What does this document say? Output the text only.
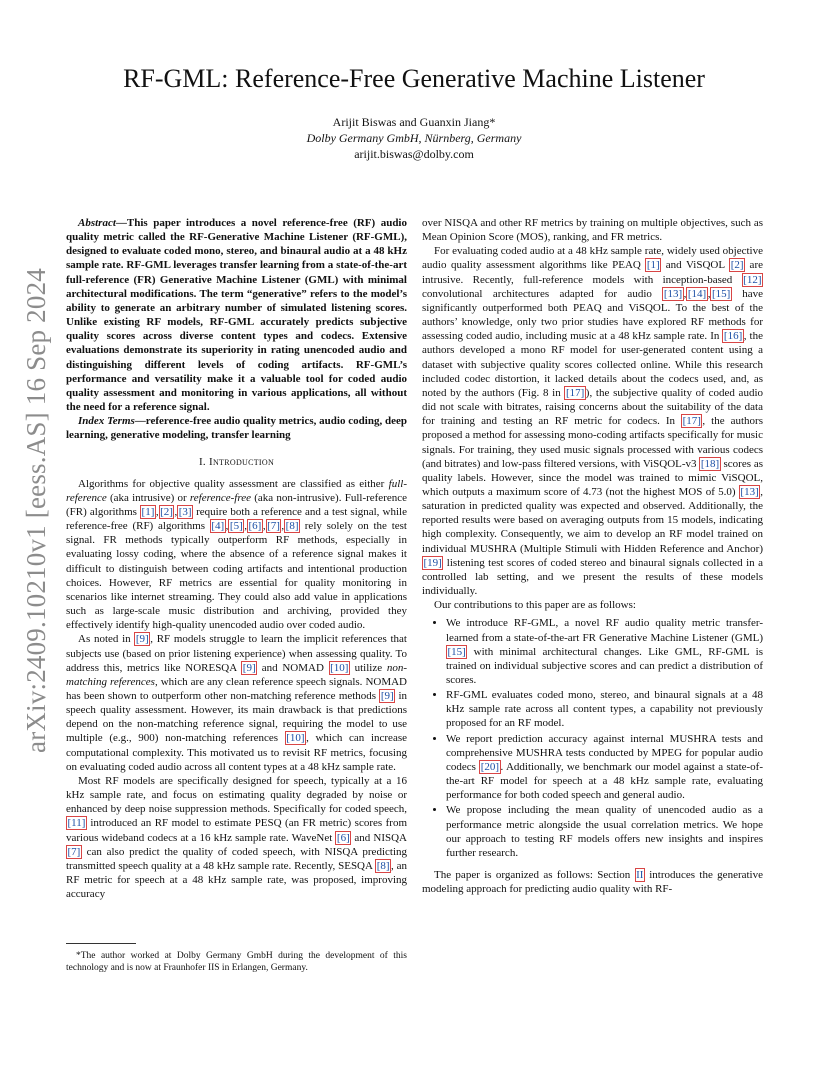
arXiv:2409.10210v1 [eess.AS] 16 Sep 2024
RF-GML: Reference-Free Generative Machine Listener
Arijit Biswas and Guanxin Jiang*
Dolby Germany GmbH, Nürnberg, Germany
arijit.biswas@dolby.com

Abstract—This paper introduces a novel reference-free (RF) audio quality metric called the RF-Generative Machine Listener (RF-GML), designed to evaluate coded mono, stereo, and binaural audio at a 48 kHz sample rate. RF-GML leverages transfer learning from a state-of-the-art full-reference (FR) Generative Machine Listener (GML) with minimal architectural modifications. The term “generative” refers to the model’s ability to generate an arbitrary number of simulated listening scores. Unlike existing RF models, RF-GML accurately predicts subjective quality scores across diverse content types and codecs. Extensive evaluations demonstrate its superiority in rating unencoded audio and distinguishing different levels of coding artifacts. RF-GML’s performance and versatility make it a valuable tool for coded audio quality assessment and monitoring in various applications, all without the need for a reference signal.

Index Terms—reference-free audio quality metrics, audio coding, deep learning, generative modeling, transfer learning

I. Introduction

Algorithms for objective quality assessment are classified as either full-reference (aka intrusive) or reference-free (aka non-intrusive). Full-reference (FR) algorithms [1] , [2] , [3] require both a reference and a test signal, while reference-free (RF) algorithms [4] , [5] , [6] , [7] , [8] rely solely on the test signal. FR methods typically outperform RF methods, especially in evaluating lossy coding, where the absence of a reference signal makes it difficult to distinguish between coding artifacts and intentional production choices. However, RF metrics are essential for quality monitoring in scenarios like internet streaming. They could also add value in applications such as large-scale music distribution and archiving, provided they effectively identify high-quality unencoded audio over coded audio.

As noted in [9] , RF models struggle to learn the implicit references that subjects use (based on prior listening experience) when assessing quality. To address this, metrics like NORESQA [9] and NOMAD [10] utilize non-matching references, which are any clean reference speech signals. NOMAD has been shown to outperform other non-matching reference methods [9] in speech quality assessment. However, its main drawback is that predictions depend on the non-matching reference signal, requiring the model to use multiple (e.g., 900) non-matching references [10] , which can increase computational complexity. This motivated us to revisit RF metrics, focusing on evaluating coded audio across all content types at a 48 kHz sample rate.

Most RF models are specifically designed for speech, typically at a 16 kHz sample rate, and focus on estimating quality degraded by noise or enhanced by deep noise suppression methods. Specifically for coded speech, [11] introduced an RF model to estimate PESQ (an FR metric) scores from various wideband codecs at a 16 kHz sample rate. WaveNet [6] and NISQA [7] can also predict the quality of coded speech, with NISQA predicting transmitted speech quality at a 48 kHz sample rate. Recently, SESQA [8] , an RF metric for speech at a 48 kHz sample rate, was proposed, improving accuracy

*The author worked at Dolby Germany GmbH during the development of this technology and is now at Fraunhofer IIS in Erlangen, Germany.

over NISQA and other RF metrics by training on multiple objectives, such as Mean Opinion Score (MOS), ranking, and FR metrics.

For evaluating coded audio at a 48 kHz sample rate, widely used objective audio quality assessment algorithms like PEAQ [1] and ViSQOL [2] are intrusive. Recently, full-reference models with inception-based [12] convolutional architectures adapted for audio [13] , [14] , [15] have significantly outperformed both PEAQ and ViSQOL. To the best of the authors’ knowledge, only two prior studies have explored RF methods for assessing coded audio, including music at a 48 kHz sample rate. In [16] , the authors developed a mono RF model for user-generated content using a dataset with subjective quality scores collected online. While this research included codec distortion, it lacked details about the codecs used, and, as noted by the authors (Fig. 8 in [17] ), the subjective quality of coded audio did not scale with bitrates, raising concerns about the suitability of the data for training and testing an RF metric for codecs. In [17] , the authors proposed a method for assessing mono-coding artifacts specifically for music signals. For training, they used music signals processed with various codecs (and bitrates) and low-pass filtered versions, with ViSQOL-v3 [18] scores as quality labels. However, since the model was trained to mimic ViSQOL, which outputs a maximum score of 4.73 (not the highest MOS of 5.0) [13] , saturation in predicted quality was expected and observed. Additionally, the reported results were based on averaging outputs from 15 models, indicating high complexity. Consequently, we aim to develop an RF model trained on individual MUSHRA (Multiple Stimuli with Hidden Reference and Anchor) [19] listening test scores of coded stereo and binaural signals collected in a controlled lab setting, and we present the results of these models individually.

Our contributions to this paper are as follows:

• We introduce RF-GML, a novel RF audio quality metric transfer-learned from a state-of-the-art FR Generative Machine Listener (GML) [15] with minimal architectural changes. Like GML, RF-GML is trained on individual subjective scores and can predict a distribution of scores.
• RF-GML evaluates coded mono, stereo, and binaural signals at a 48 kHz sample rate across all content types, a capability not previously proposed for an RF model.
• We report prediction accuracy against internal MUSHRA tests and comprehensive MUSHRA tests conducted by MPEG for popular audio codecs [20] . Additionally, we benchmark our model against a state-of-the-art RF model for speech at a 48 kHz sample rate, evaluating performance for both coded speech and general audio.
• We propose including the mean quality of unencoded audio as a performance metric alongside the usual correlation metrics. We hope our approach to testing RF models offers new insights and inspires further research.

The paper is organized as follows: Section II introduces the generative modeling approach for predicting audio quality with RF-
